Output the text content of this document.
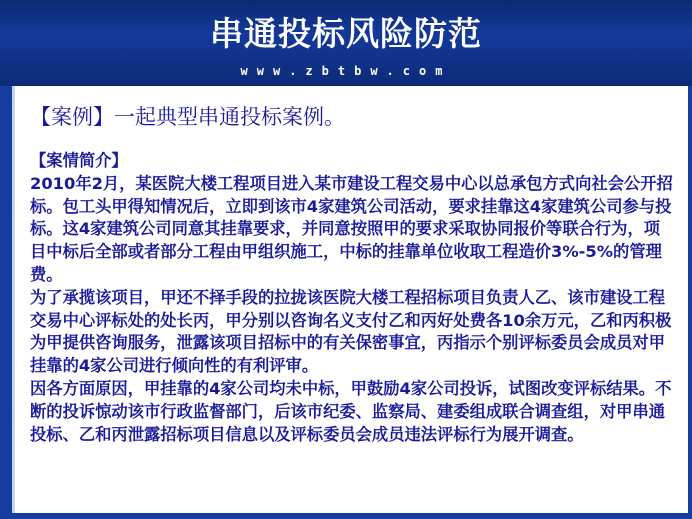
串通投标风险防范
www.zbtbw.com
【案例】一起典型串通投标案例。

【案情简介】

2010年2月，某医院大楼工程项目进入某市建设工程交易中心以总承包方式向社会公开招标。包工头甲得知情况后，立即到该市4家建筑公司活动，要求挂靠这4家建筑公司参与投标。这4家建筑公司同意其挂靠要求，并同意按照甲的要求采取协同报价等联合行为，项目中标后全部或者部分工程由甲组织施工，中标的挂靠单位收取工程造价3%-5%的管理费。

为了承揽该项目，甲还不择手段的拉拢该医院大楼工程招标项目负责人乙、该市建设工程交易中心评标处的处长丙，甲分别以咨询名义支付乙和丙好处费各10余万元，乙和丙积极为甲提供咨询服务，泄露该项目招标中的有关保密事宜，丙指示个别评标委员会成员对甲挂靠的4家公司进行倾向性的有利评审。

因各方面原因，甲挂靠的4家公司均未中标，甲鼓励4家公司投诉，试图改变评标结果。不断的投诉惊动该市行政监督部门，后该市纪委、监察局、建委组成联合调查组，对甲串通投标、乙和丙泄露招标项目信息以及评标委员会成员违法评标行为展开调查。
